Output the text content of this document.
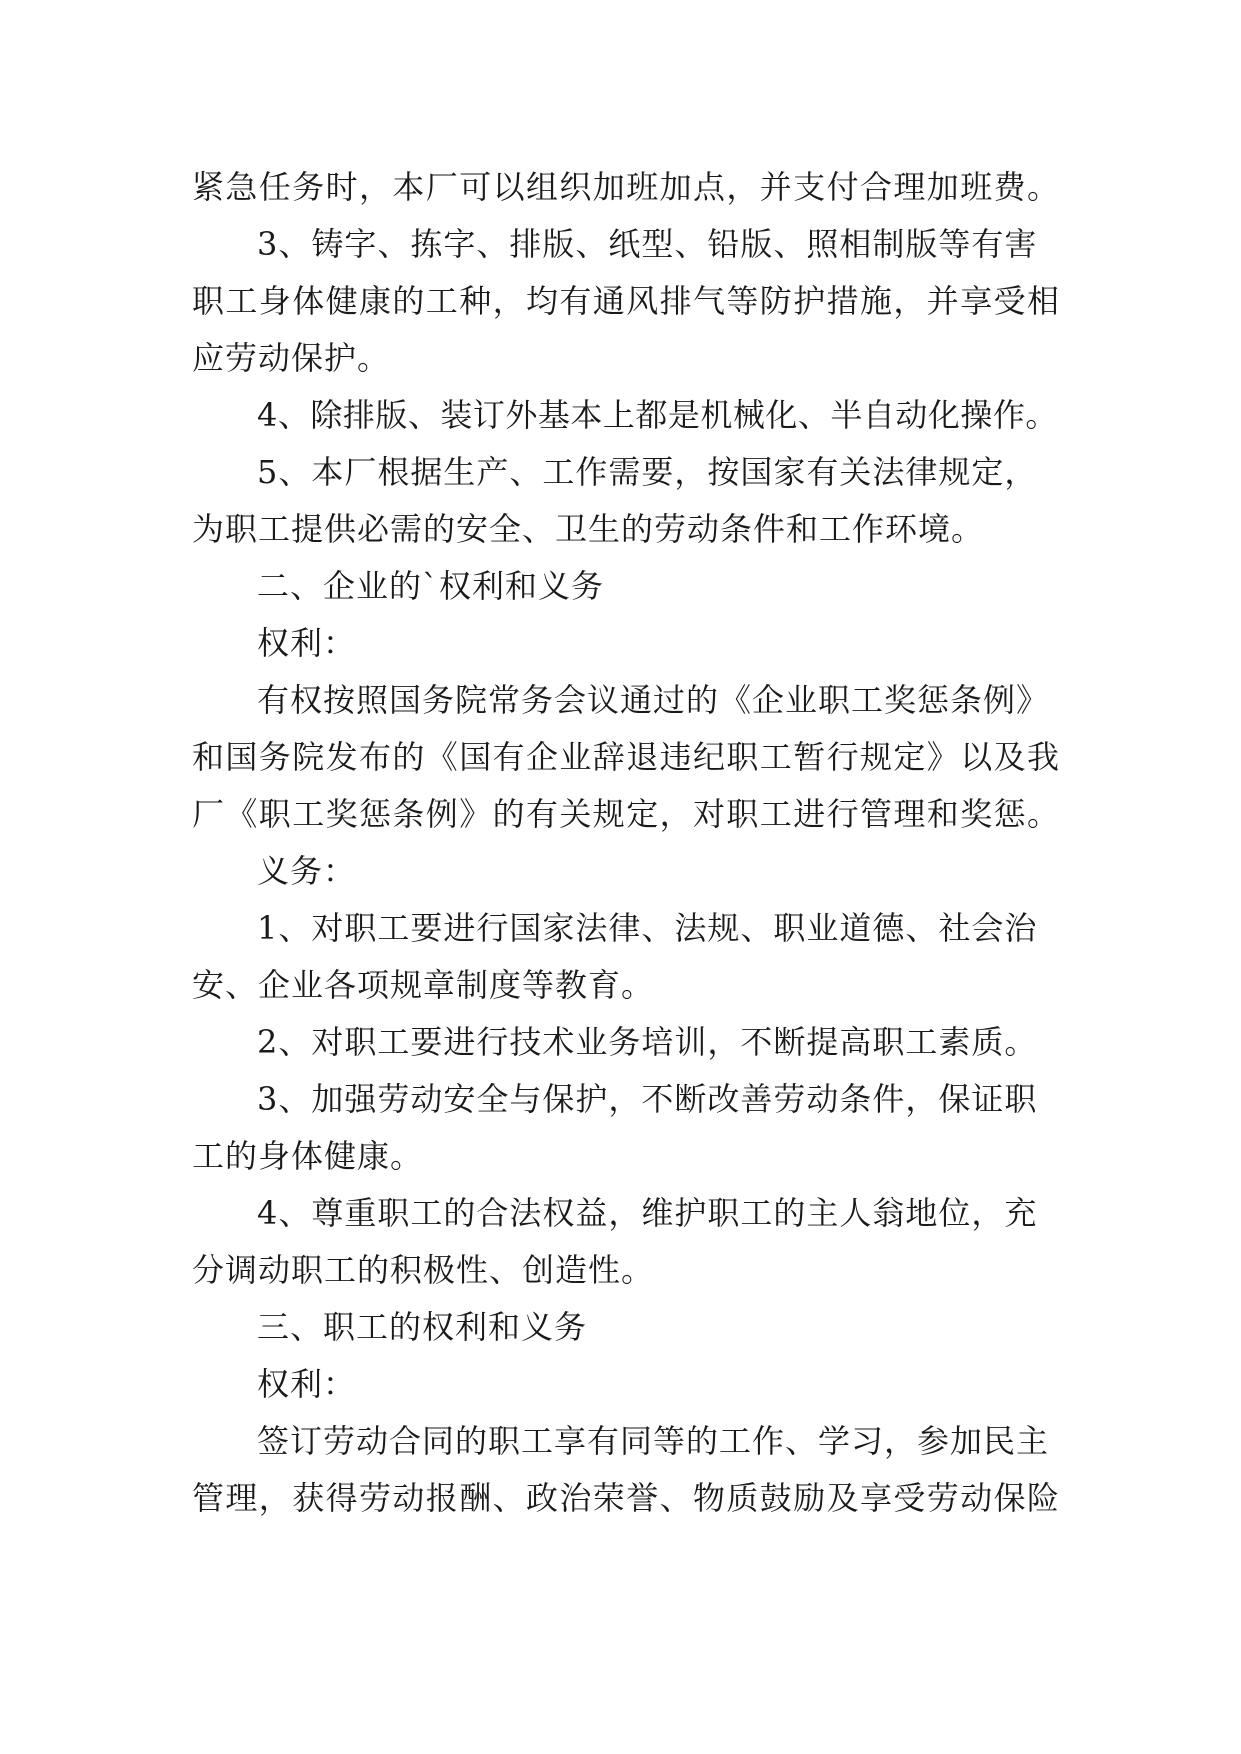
紧急任务时，本厂可以组织加班加点，并支付合理加班费。
3、铸字、拣字、排版、纸型、铅版、照相制版等有害
职工身体健康的工种，均有通风排气等防护措施，并享受相
应劳动保护。
4、除排版、装订外基本上都是机械化、半自动化操作。
5、本厂根据生产、工作需要，按国家有关法律规定，
为职工提供必需的安全、卫生的劳动条件和工作环境。
二、企业的`权利和义务
权利：
有权按照国务院常务会议通过的《企业职工奖惩条例》
和国务院发布的《国有企业辞退违纪职工暂行规定》以及我
厂《职工奖惩条例》的有关规定，对职工进行管理和奖惩。
义务：
1、对职工要进行国家法律、法规、职业道德、社会治
安、企业各项规章制度等教育。
2、对职工要进行技术业务培训，不断提高职工素质。
3、加强劳动安全与保护，不断改善劳动条件，保证职
工的身体健康。
4、尊重职工的合法权益，维护职工的主人翁地位，充
分调动职工的积极性、创造性。
三、职工的权利和义务
权利：
签订劳动合同的职工享有同等的工作、学习，参加民主
管理，获得劳动报酬、政治荣誉、物质鼓励及享受劳动保险
